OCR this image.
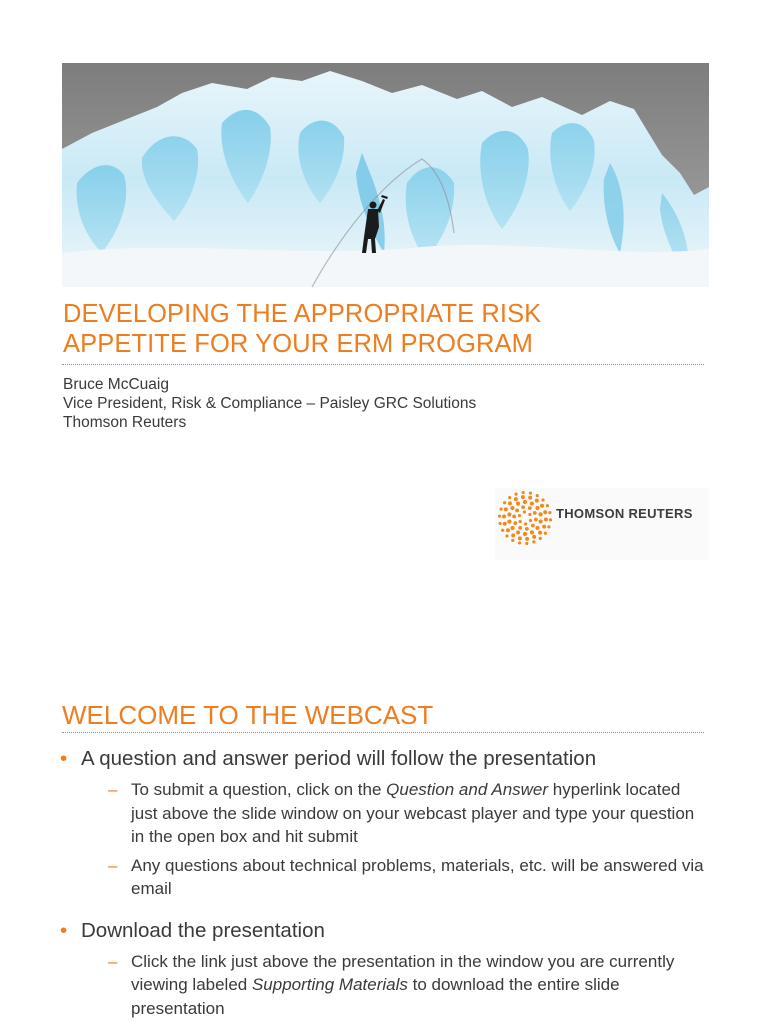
DEVELOPING THE APPROPRIATE RISK
APPETITE FOR YOUR ERM PROGRAM
Bruce McCuaig
Vice President, Risk & Compliance – Paisley GRC Solutions
Thomson Reuters
THOMSON REUTERS
WELCOME TO THE WEBCAST
• A question and answer period will follow the presentation
– To submit a question, click on the Question and Answer hyperlink located just above the slide window on your webcast player and type your question in the open box and hit submit
– Any questions about technical problems, materials, etc. will be answered via email
• Download the presentation
– Click the link just above the presentation in the window you are currently viewing labeled Supporting Materials to download the entire slide presentation
